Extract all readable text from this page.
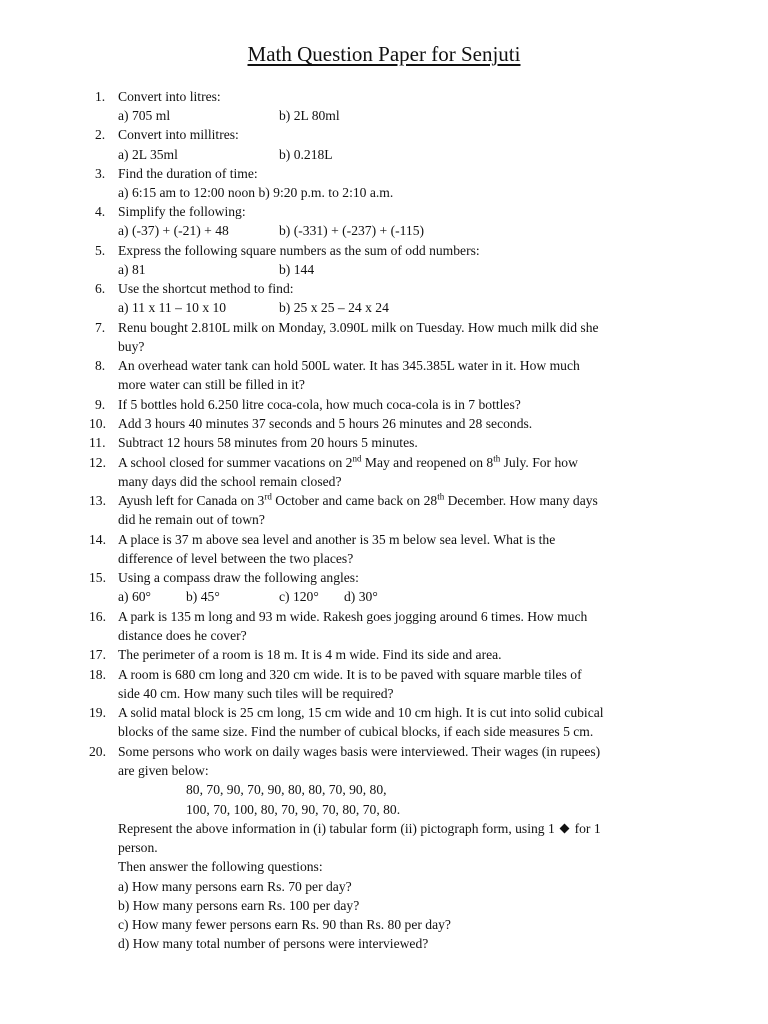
Math Question Paper for Senjuti
1. Convert into litres:
a) 705 ml	b) 2L 80ml
2. Convert into millitres:
a) 2L 35ml	b) 0.218L
3. Find the duration of time:
a) 6:15 am to 12:00 noon b) 9:20 p.m. to 2:10 a.m.
4. Simplify the following:
a) (-37) + (-21) + 48	b) (-331) + (-237) + (-115)
5. Express the following square numbers as the sum of odd numbers:
a) 81	b) 144
6. Use the shortcut method to find:
a) 11 x 11 – 10 x 10	b) 25 x 25 – 24 x 24
7. Renu bought 2.810L milk on Monday, 3.090L milk on Tuesday. How much milk did she
buy?
8. An overhead water tank can hold 500L water. It has 345.385L water in it. How much
more water can still be filled in it?
9. If 5 bottles hold 6.250 litre coca-cola, how much coca-cola is in 7 bottles?
10. Add 3 hours 40 minutes 37 seconds and 5 hours 26 minutes and 28 seconds.
11. Subtract 12 hours 58 minutes from 20 hours 5 minutes.
12. A school closed for summer vacations on 2nd May and reopened on 8th July. For how
many days did the school remain closed?
13. Ayush left for Canada on 3rd October and came back on 28th December. How many days
did he remain out of town?
14. A place is 37 m above sea level and another is 35 m below sea level. What is the
difference of level between the two places?
15. Using a compass draw the following angles:
a) 60°	b) 45°	c) 120° d) 30°
16. A park is 135 m long and 93 m wide. Rakesh goes jogging around 6 times. How much
distance does he cover?
17. The perimeter of a room is 18 m. It is 4 m wide. Find its side and area.
18. A room is 680 cm long and 320 cm wide. It is to be paved with square marble tiles of
side 40 cm. How many such tiles will be required?
19. A solid matal block is 25 cm long, 15 cm wide and 10 cm high. It is cut into solid cubical
blocks of the same size. Find the number of cubical blocks, if each side measures 5 cm.
20. Some persons who work on daily wages basis were interviewed. Their wages (in rupees)
are given below:
80, 70, 90, 70, 90, 80, 80, 70, 90, 80,
100, 70, 100, 80, 70, 90, 70, 80, 70, 80.
Represent the above information in (i) tabular form (ii) pictograph form, using 1 for 1
person.
Then answer the following questions:
a) How many persons earn Rs. 70 per day?
b) How many persons earn Rs. 100 per day?
c) How many fewer persons earn Rs. 90 than Rs. 80 per day?
d) How many total number of persons were interviewed?
